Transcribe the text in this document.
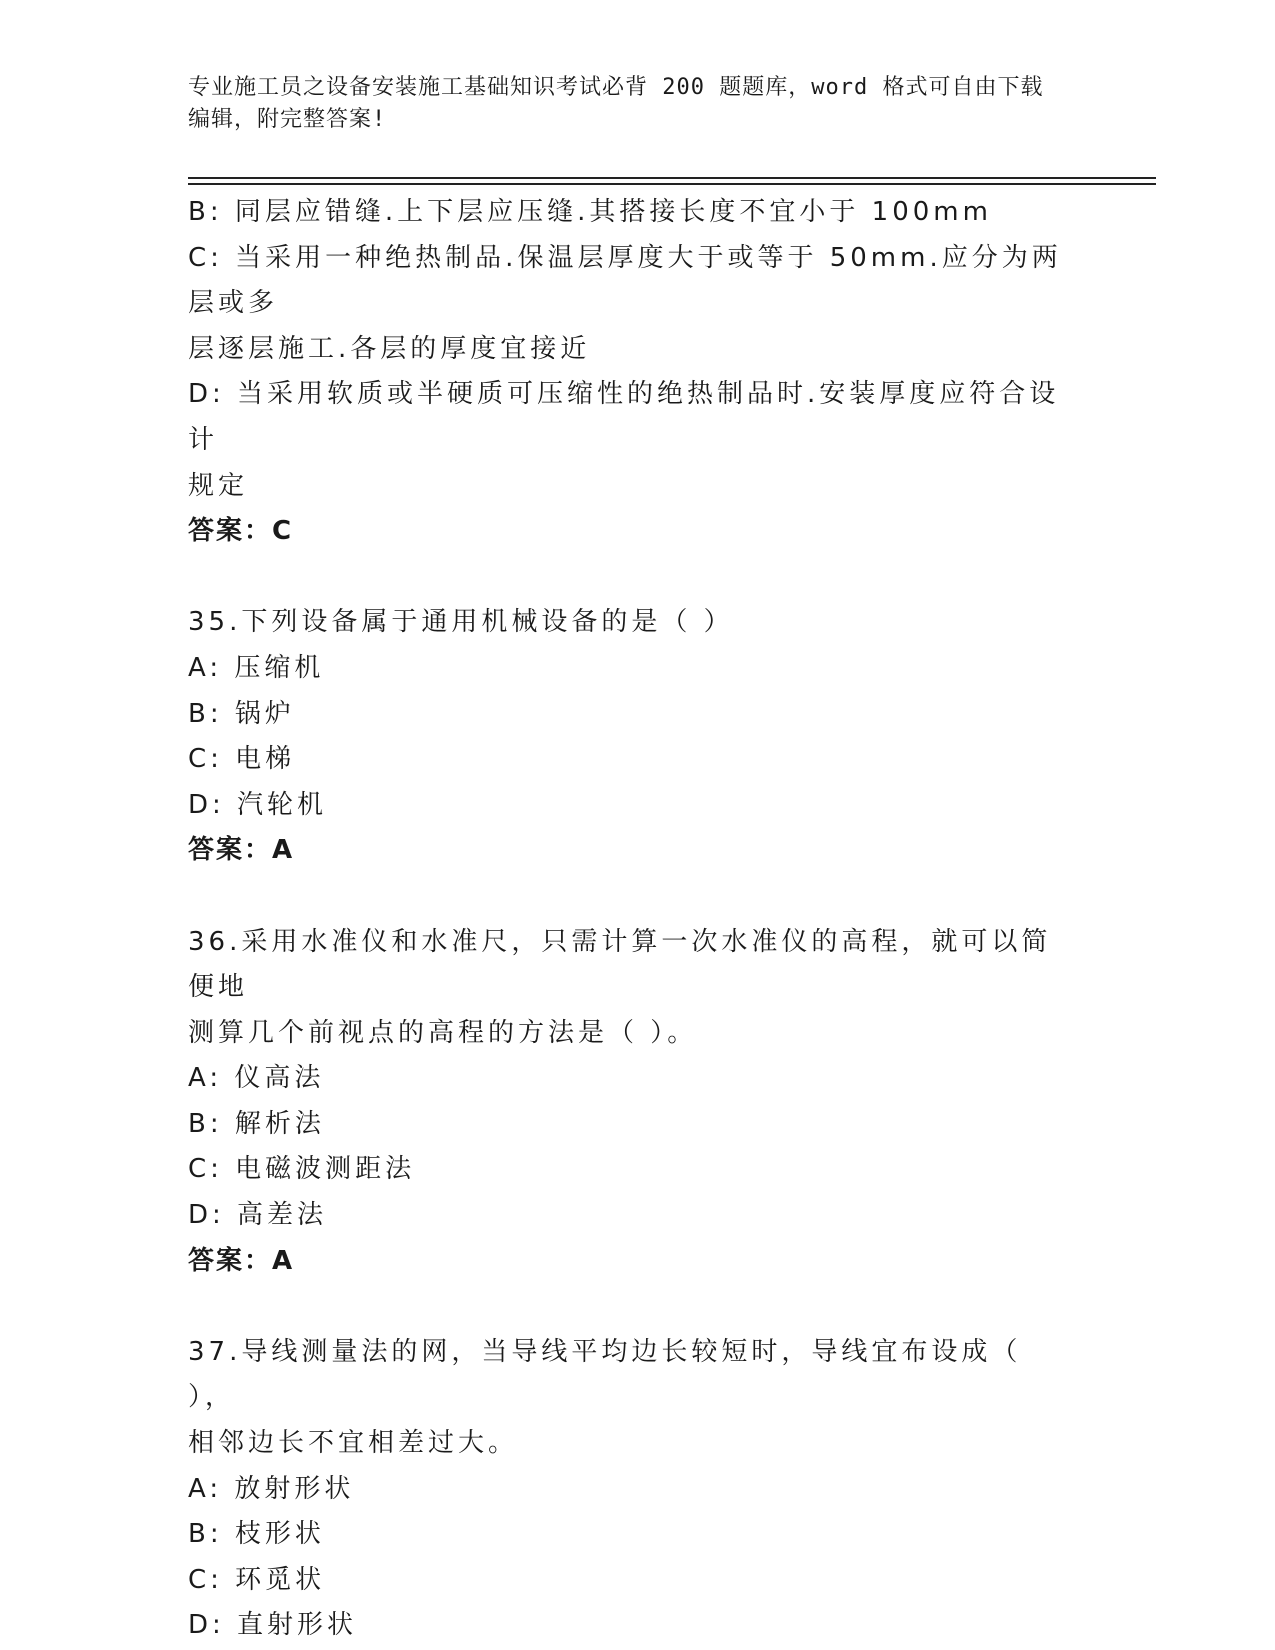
专业施工员之设备安装施工基础知识考试必背 200 题题库，word 格式可自由下载
编辑，附完整答案!
B: 同层应错缝.上下层应压缝.其搭接长度不宜小于 100mm
C: 当采用一种绝热制品.保温层厚度大于或等于 50mm.应分为两层或多
层逐层施工.各层的厚度宜接近
D: 当采用软质或半硬质可压缩性的绝热制品时.安装厚度应符合设计
规定
答案：C
35.下列设备属于通用机械设备的是（ ）
A: 压缩机
B: 锅炉
C: 电梯
D: 汽轮机
答案：A
36.采用水准仪和水准尺，只需计算一次水准仪的高程，就可以简便地
测算几个前视点的高程的方法是（ ）。
A: 仪高法
B: 解析法
C: 电磁波测距法
D: 高差法
答案：A
37.导线测量法的网，当导线平均边长较短时，导线宜布设成（ ），
相邻边长不宜相差过大。
A: 放射形状
B: 枝形状
C: 环觅状
D: 直射形状
